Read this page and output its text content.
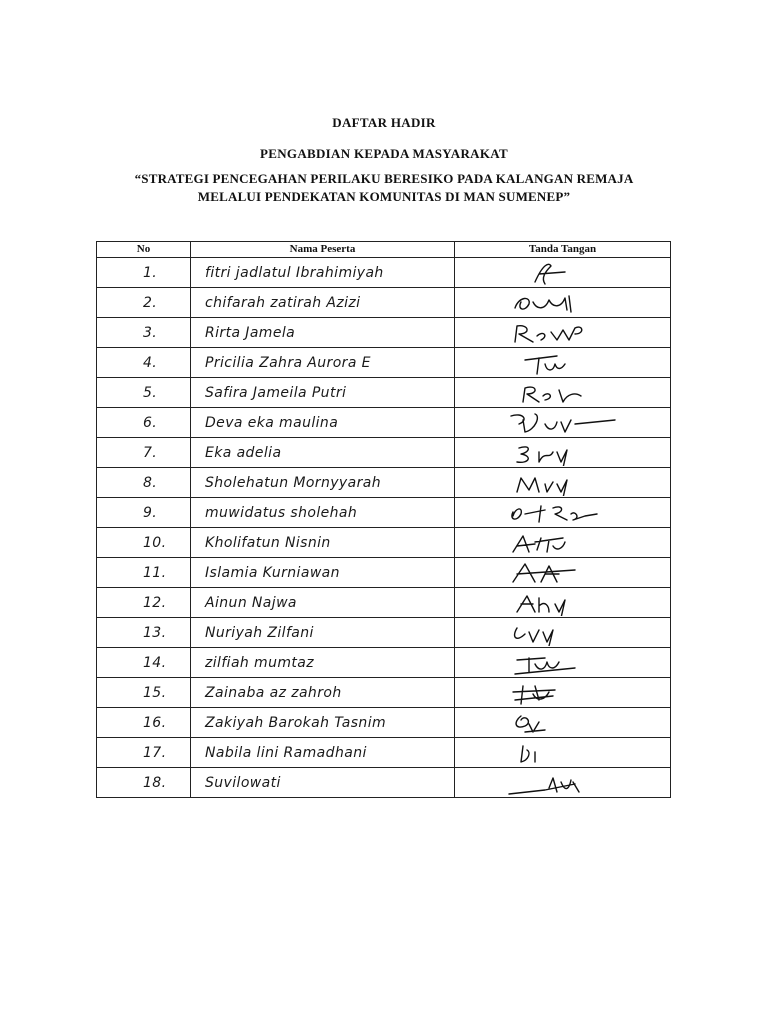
DAFTAR HADIR
PENGABDIAN KEPADA MASYARAKAT
“STRATEGI PENCEGAHAN PERILAKU BERESIKO PADA KALANGAN REMAJA
MELALUI PENDEKATAN KOMUNITAS DI MAN SUMENEP”
No	Nama Peserta	Tanda Tangan
1.	fitri jadlatul Ibrahimiyah	

2.	chifarah zatirah Azizi	

3.	Rirta Jamela	

4.	Pricilia Zahra Aurora E	

5.	Safira Jameila Putri	

6.	Deva eka maulina	

7.	Eka adelia	

8.	Sholehatun Mornyyarah	

9.	muwidatus sholehah	

10.	Kholifatun Nisnin	

11.	Islamia Kurniawan	

12.	Ainun Najwa	

13.	Nuriyah Zilfani	

14.	zilfiah mumtaz	

15.	Zainaba az zahroh	

16.	Zakiyah Barokah Tasnim	

17.	Nabila lini Ramadhani	

18.	Suvilowati	
